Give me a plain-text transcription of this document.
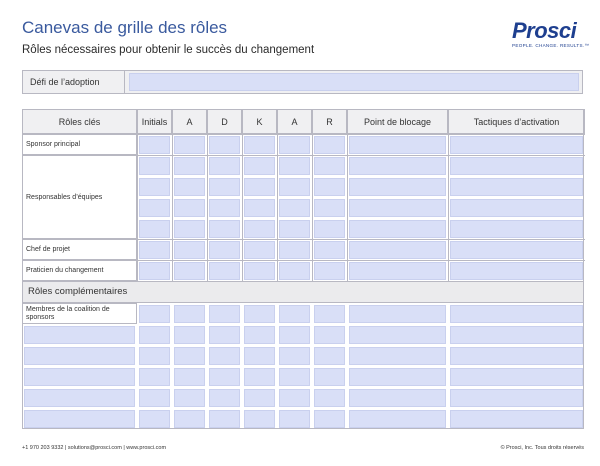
Canevas de grille des rôles
Rôles nécessaires pour obtenir le succès du changement
Prosci
PEOPLE. CHANGE. RESULTS.™
Défi de l’adoption
Rôles clés	Initials	A	D	K	A	R	Point de blocage	Tactiques d’activation
Sponsor principal
Responsables d’équipes
Chef de projet
Praticien du changement
Rôles complémentaires
Membres de la coalition de sponsors
+1 970 203 9332 | solutions@prosci.com | www.prosci.com	© Prosci, Inc. Tous droits réservés
